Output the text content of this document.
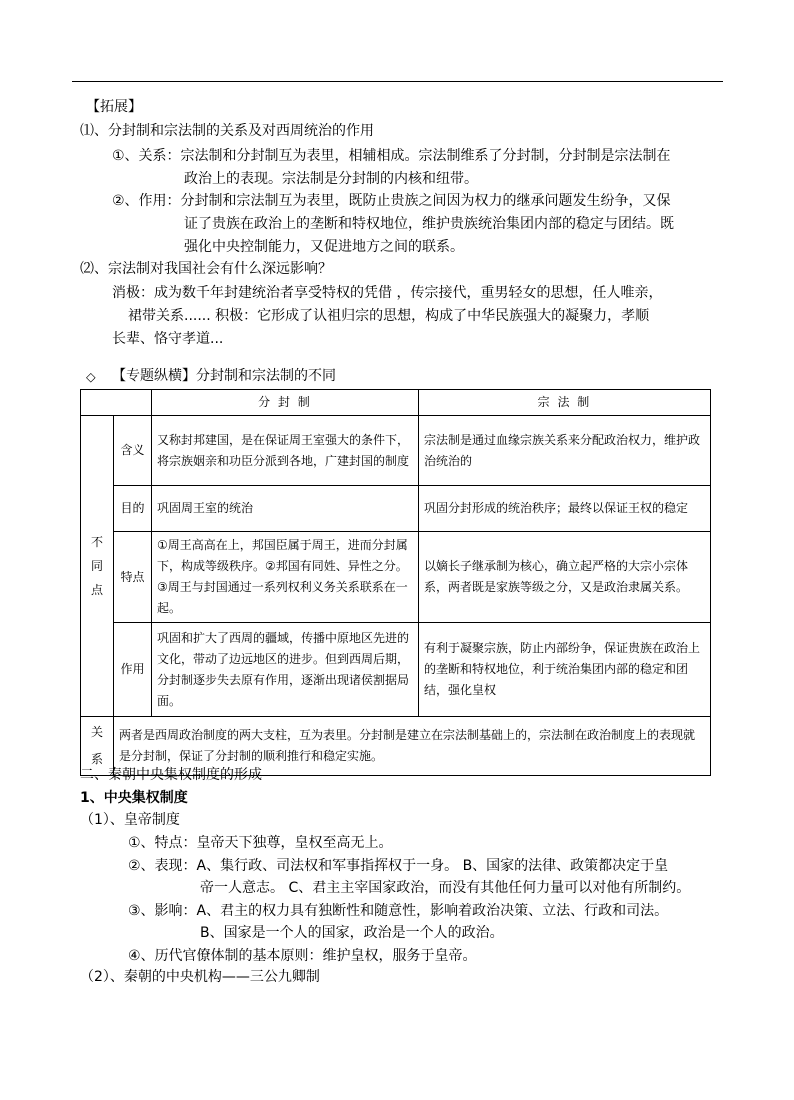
【拓展】
⑴、分封制和宗法制的关系及对西周统治的作用
①、关系：宗法制和分封制互为表里，相辅相成。宗法制维系了分封制，分封制是宗法制在
政治上的表现。宗法制是分封制的内核和纽带。
②、作用：分封制和宗法制互为表里，既防止贵族之间因为权力的继承问题发生纷争，又保
证了贵族在政治上的垄断和特权地位，维护贵族统治集团内部的稳定与团结。既
强化中央控制能力，又促进地方之间的联系。
⑵、宗法制对我国社会有什么深远影响？
消极：成为数千年封建统治者享受特权的凭借 ，传宗接代，重男轻女的思想，任人唯亲，
裙带关系...... 积极：它形成了认祖归宗的思想，构成了中华民族强大的凝聚力，孝顺
长辈、恪守孝道...
◇ 【专题纵横】分封制和宗法制的不同
		分 封 制	宗 法 制
不同点	含义	又称封邦建国，是在保证周王室强大的条件下，将宗族姻亲和功臣分派到各地，广建封国的制度	宗法制是通过血缘宗族关系来分配政治权力，维护政治统治的
	目的	巩固周王室的统治	巩固分封形成的统治秩序；最终以保证王权的稳定
	特点	①周王高高在上，邦国臣属于周王，进而分封属下，构成等级秩序。②邦国有同姓、异性之分。③周王与封国通过一系列权利义务关系联系在一起。	以嫡长子继承制为核心，确立起严格的大宗小宗体系，两者既是家族等级之分，又是政治隶属关系。
	作用	巩固和扩大了西周的疆域，传播中原地区先进的文化，带动了边远地区的进步。但到西周后期，分封制逐步失去原有作用，逐渐出现诸侯割据局面。	有利于凝聚宗族，防止内部纷争，保证贵族在政治上的垄断和特权地位，利于统治集团内部的稳定和团结，强化皇权
关系	两者是西周政治制度的两大支柱，互为表里。分封制是建立在宗法制基础上的，宗法制在政治制度上的表现就是分封制，保证了分封制的顺利推行和稳定实施。		
二、秦朝中央集权制度的形成
1、中央集权制度
（1）、皇帝制度
①、特点：皇帝天下独尊，皇权至高无上。
②、表现：A、集行政、司法权和军事指挥权于一身。 B、国家的法律、政策都决定于皇
帝一人意志。 C、君主主宰国家政治，而没有其他任何力量可以对他有所制约。
③、影响：A、君主的权力具有独断性和随意性，影响着政治决策、立法、行政和司法。
B、国家是一个人的国家，政治是一个人的政治。
④、历代官僚体制的基本原则：维护皇权，服务于皇帝。
（2）、秦朝的中央机构——三公九卿制
